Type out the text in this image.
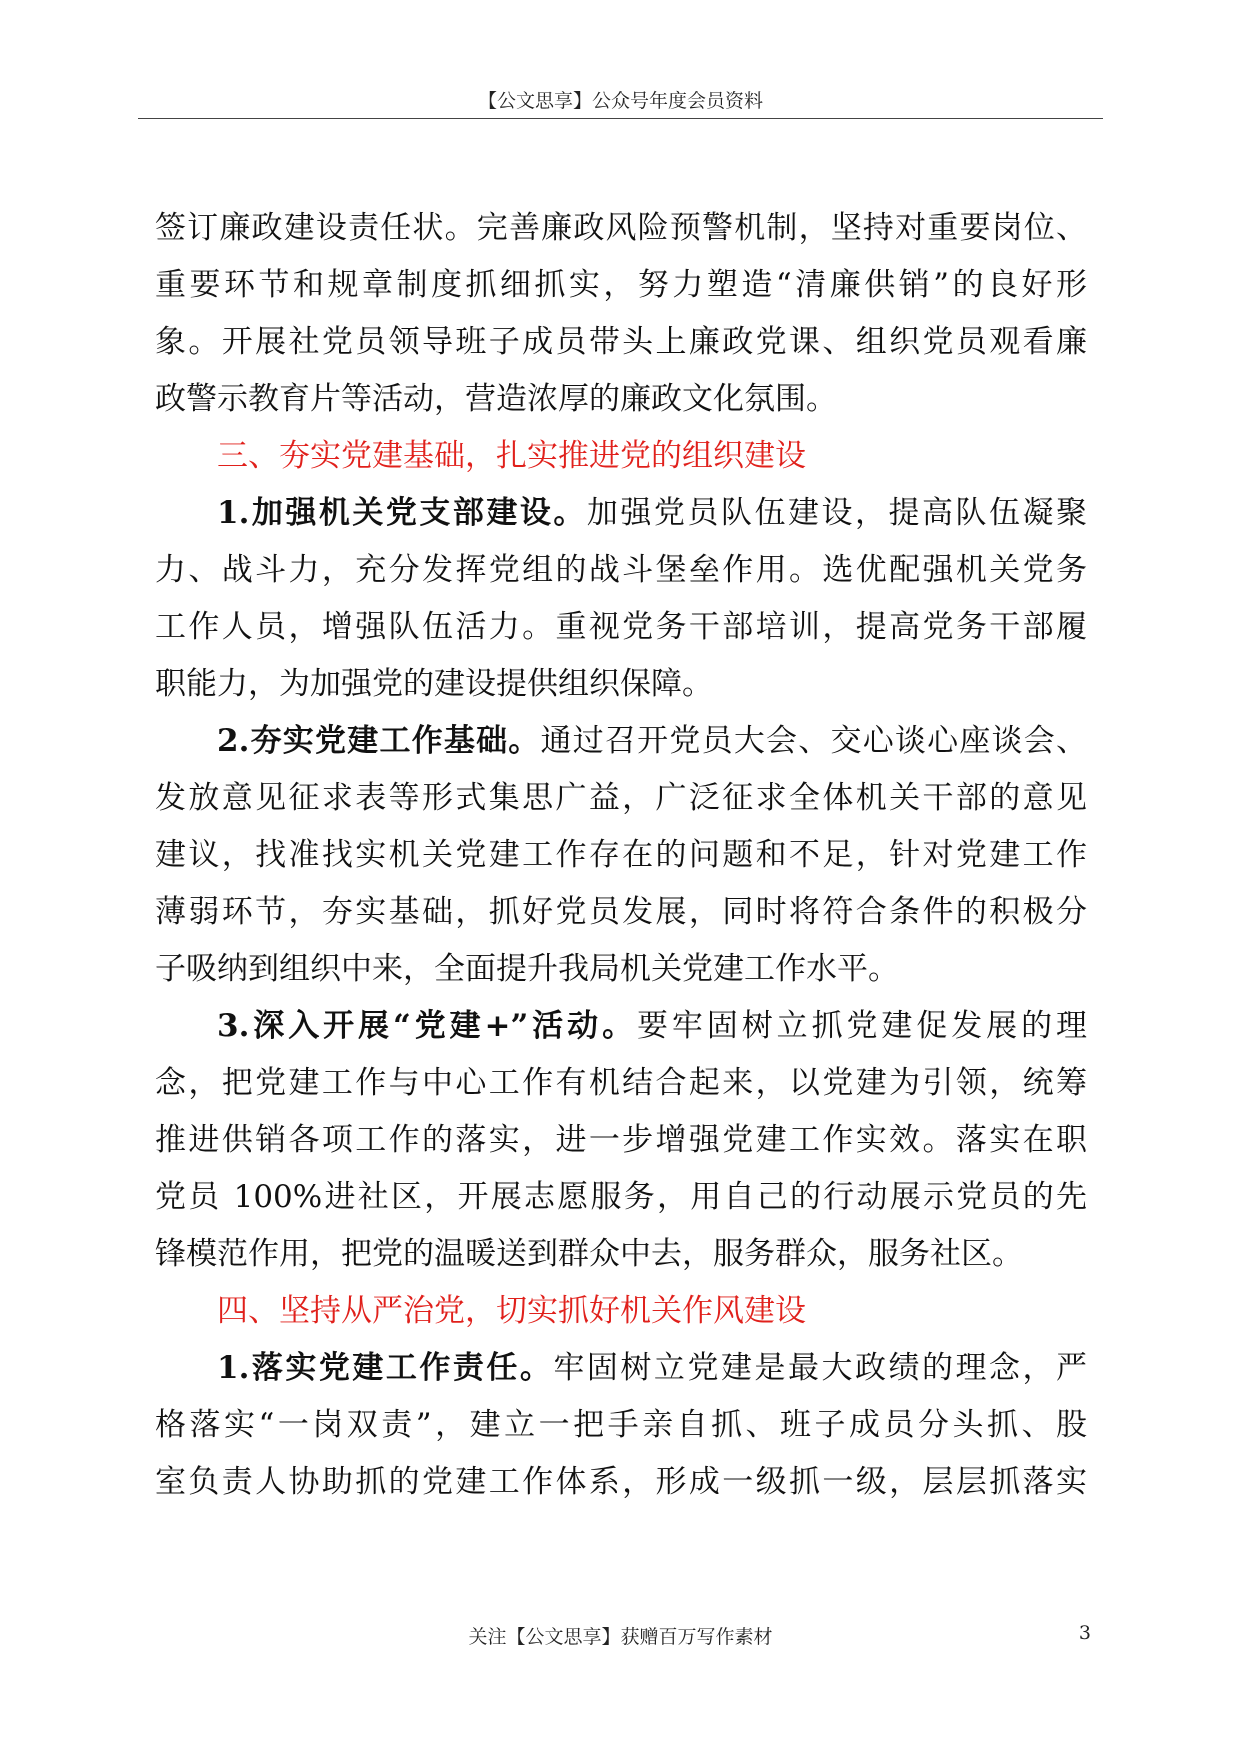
【公文思享】公众号年度会员资料
签订廉政建设责任状。完善廉政风险预警机制，坚持对重要岗位、
重要环节和规章制度抓细抓实，努力塑造“清廉供销”的良好形
象。开展社党员领导班子成员带头上廉政党课、组织党员观看廉
政警示教育片等活动，营造浓厚的廉政文化氛围。
三、夯实党建基础，扎实推进党的组织建设
1.加强机关党支部建设。加强党员队伍建设，提高队伍凝聚
力、战斗力，充分发挥党组的战斗堡垒作用。选优配强机关党务
工作人员，增强队伍活力。重视党务干部培训，提高党务干部履
职能力，为加强党的建设提供组织保障。
2.夯实党建工作基础。通过召开党员大会、交心谈心座谈会、
发放意见征求表等形式集思广益，广泛征求全体机关干部的意见
建议，找准找实机关党建工作存在的问题和不足，针对党建工作
薄弱环节，夯实基础，抓好党员发展，同时将符合条件的积极分
子吸纳到组织中来，全面提升我局机关党建工作水平。
3.深入开展“党建+”活动。要牢固树立抓党建促发展的理
念，把党建工作与中心工作有机结合起来，以党建为引领，统筹
推进供销各项工作的落实，进一步增强党建工作实效。落实在职
党员 100%进社区，开展志愿服务，用自己的行动展示党员的先
锋模范作用，把党的温暖送到群众中去，服务群众，服务社区。
四、坚持从严治党，切实抓好机关作风建设
1.落实党建工作责任。牢固树立党建是最大政绩的理念，严
格落实“一岗双责”，建立一把手亲自抓、班子成员分头抓、股
室负责人协助抓的党建工作体系，形成一级抓一级，层层抓落实
关注【公文思享】获赠百万写作素材	3
